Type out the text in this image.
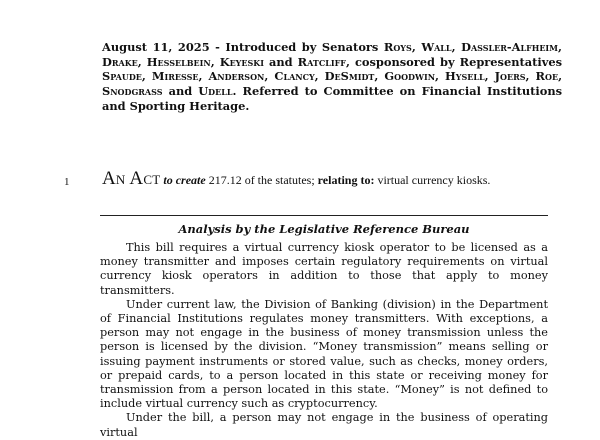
August 11, 2025 - Introduced by Senators Roys, Wall, Dassler-Alfheim, Drake, Hesselbein, Keyeski and Ratcliff, cosponsored by Representatives Spaude, Miresse, Anderson, Clancy, DeSmidt, Goodwin, Hysell, Joers, Roe, Snodgrass and Udell. Referred to Committee on Financial Institutions and Sporting Heritage.
1 An Act to create 217.12 of the statutes; relating to: virtual currency kiosks.
Analysis by the Legislative Reference Bureau

This bill requires a virtual currency kiosk operator to be licensed as a money transmitter and imposes certain regulatory requirements on virtual currency kiosk operators in addition to those that apply to money transmitters.

Under current law, the Division of Banking (division) in the Department of Financial Institutions regulates money transmitters. With exceptions, a person may not engage in the business of money transmission unless the person is licensed by the division. “Money transmission” means selling or issuing payment instruments or stored value, such as checks, money orders, or prepaid cards, to a person located in this state or receiving money for transmission from a person located in this state. “Money” is not defined to include virtual currency such as cryptocurrency.

Under the bill, a person may not engage in the business of operating virtual
